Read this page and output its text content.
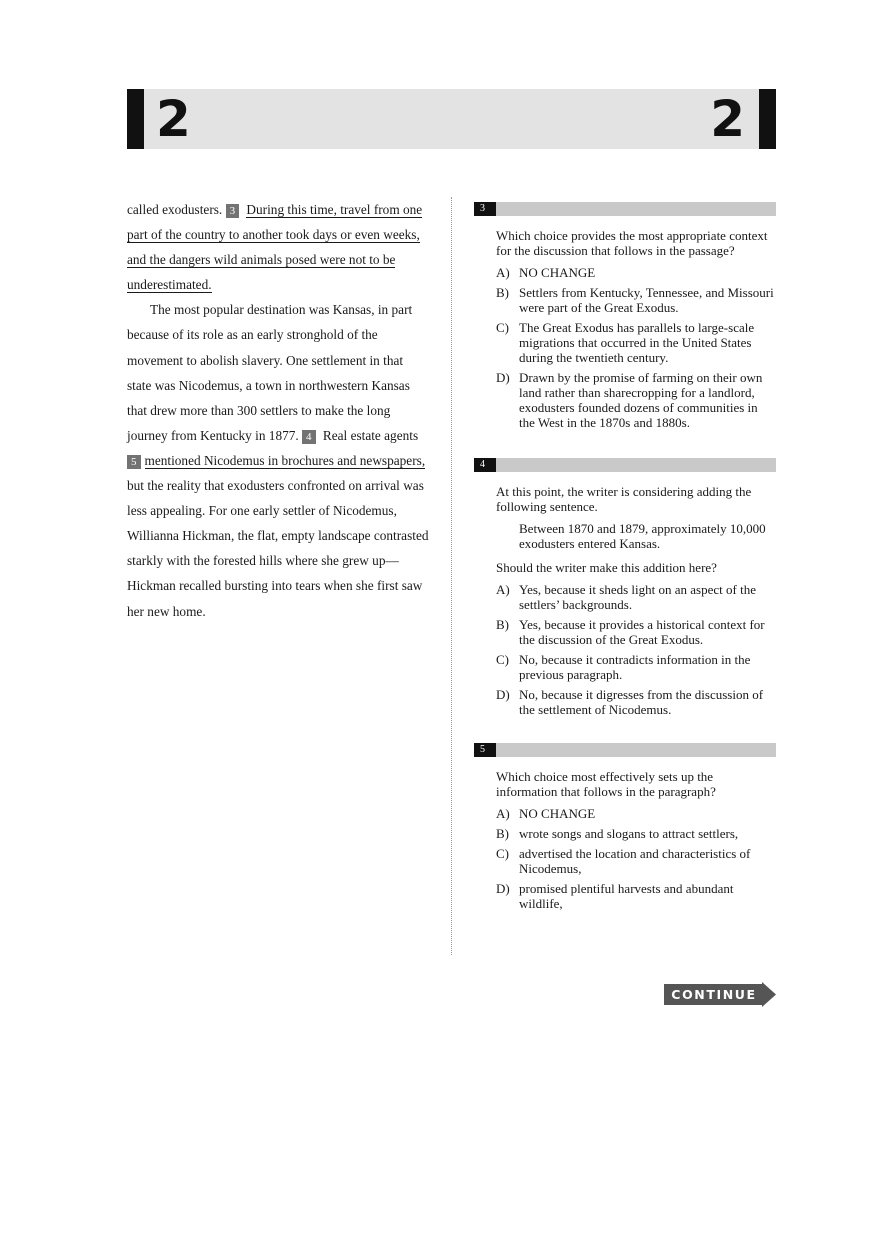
2	2

called exodusters. 3 During this time, travel from one part of the country to another took days or even weeks, and the dangers wild animals posed were not to be underestimated.

The most popular destination was Kansas, in part because of its role as an early stronghold of the movement to abolish slavery. One settlement in that state was Nicodemus, a town in northwestern Kansas that drew more than 300 settlers to make the long journey from Kentucky in 1877. 4 Real estate agents 5 mentioned Nicodemus in brochures and newspapers, but the reality that exodusters confronted on arrival was less appealing. For one early settler of Nicodemus, Willianna Hickman, the flat, empty landscape contrasted starkly with the forested hills where she grew up—Hickman recalled bursting into tears when she first saw her new home.

3
Which choice provides the most appropriate context for the discussion that follows in the passage?
A) NO CHANGE
B) Settlers from Kentucky, Tennessee, and Missouri were part of the Great Exodus.
C) The Great Exodus has parallels to large-scale migrations that occurred in the United States during the twentieth century.
D) Drawn by the promise of farming on their own land rather than sharecropping for a landlord, exodusters founded dozens of communities in the West in the 1870s and 1880s.
4
At this point, the writer is considering adding the following sentence.
Between 1870 and 1879, approximately 10,000 exodusters entered Kansas.
Should the writer make this addition here?
A) Yes, because it sheds light on an aspect of the settlers’ backgrounds.
B) Yes, because it provides a historical context for the discussion of the Great Exodus.
C) No, because it contradicts information in the previous paragraph.
D) No, because it digresses from the discussion of the settlement of Nicodemus.
5
Which choice most effectively sets up the information that follows in the paragraph?
A) NO CHANGE
B) wrote songs and slogans to attract settlers,
C) advertised the location and characteristics of Nicodemus,
D) promised plentiful harvests and abundant wildlife,
CONTINUE
